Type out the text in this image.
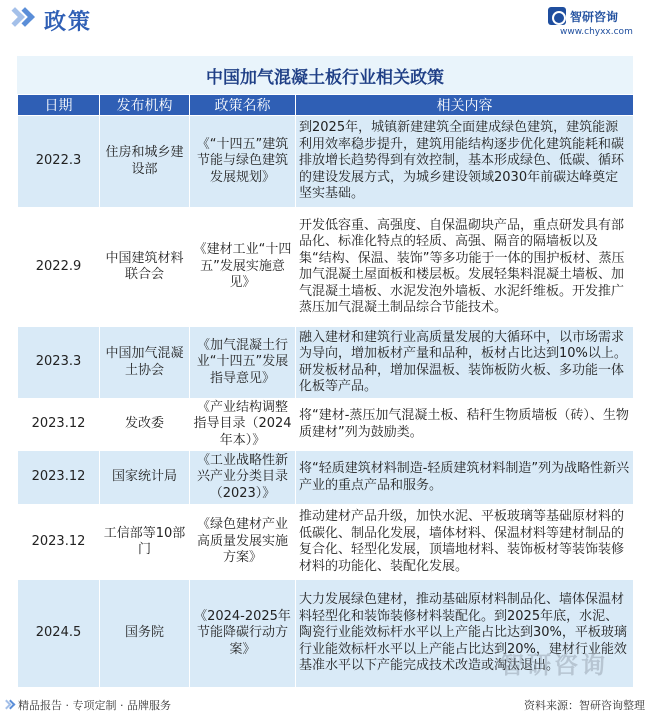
政策	智研咨询
www.chyxx.com
中国加气混凝土板行业相关政策
日期	发布机构	政策名称	相关内容
2022.3	住房和城乡建设部	《“十四五”建筑节能与绿色建筑发展规划》	到2025年，城镇新建建筑全面建成绿色建筑，建筑能源利用效率稳步提升，建筑用能结构逐步优化建筑能耗和碳排放增长趋势得到有效控制，基本形成绿色、低碳、循环的建设发展方式，为城乡建设领域2030年前碳达峰奠定坚实基础。
2022.9	中国建筑材料联合会	《建材工业“十四五”发展实施意见》	开发低容重、高强度、自保温砌块产品，重点研发具有部品化、标准化特点的轻质、高强、隔音的隔墙板以及集“结构、保温、装饰”等多功能于一体的围护板材、蒸压加气混凝土屋面板和楼层板。发展轻集料混凝土墙板、加气混凝土墙板、水泥发泡外墙板、水泥纤维板。开发推广蒸压加气混凝土制品综合节能技术。
2023.3	中国加气混凝土协会	《加气混凝土行业“十四五”发展指导意见》	融入建材和建筑行业高质量发展的大循环中，以市场需求为导向，增加板材产量和品种，板材占比达到10%以上。研发板材品种，增加保温板、装饰板防火板、多功能一体化板等产品。
2023.12	发改委	《产业结构调整指导目录（2024年本）》	将“建材-蒸压加气混凝土板、秸秆生物质墙板（砖）、生物质建材”列为鼓励类。
2023.12	国家统计局	《工业战略性新兴产业分类目录（2023）》	将“轻质建筑材料制造-轻质建筑材料制造”列为战略性新兴产业的重点产品和服务。
2023.12	工信部等10部门	《绿色建材产业高质量发展实施方案》	推动建材产品升级，加快水泥、平板玻璃等基础原材料的低碳化、制品化发展，墙体材料、保温材料等建材制品的复合化、轻型化发展，顶墙地材料、装饰板材等装饰装修材料的功能化、装配化发展。
2024.5	国务院	《2024-2025年节能降碳行动方案》	大力发展绿色建材，推动基础原材料制品化、墙体保温材料轻型化和装饰装修材料装配化。到2025年底，水泥、陶瓷行业能效标杆水平以上产能占比达到30%，平板玻璃行业能效标杆水平以上产能占比达到20%，建材行业能效基准水平以下产能完成技术改造或淘汰退出。
智研咨询
精品报告 · 专项定制 · 品牌服务	资料来源：智研咨询整理
